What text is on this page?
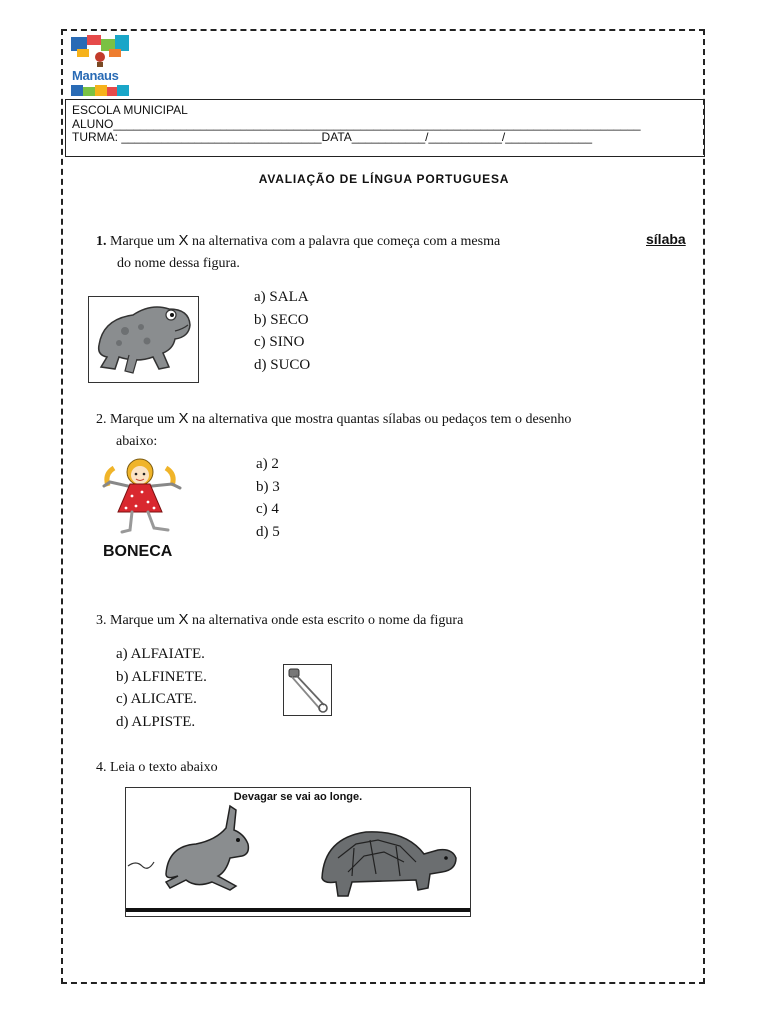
Manaus
ESCOLA MUNICIPAL
ALUNO_______________________________________________________________________________
TURMA: ______________________________DATA___________/___________/_____________
AVALIAÇÃO DE LÍNGUA PORTUGUESA
1. Marque um X na alternativa com a palavra que começa com a mesma
do nome dessa figura.
sílaba
a) SALA
b) SECO
c) SINO
d) SUCO
2. Marque um X na alternativa que mostra quantas sílabas ou pedaços tem o desenho
abaixo:
BONECA
a) 2
b) 3
c) 4
d) 5
3. Marque um X na alternativa onde esta escrito o nome da figura
a) ALFAIATE.
b) ALFINETE.
c) ALICATE.
d) ALPISTE.
4. Leia o texto abaixo
Devagar se vai ao longe.
